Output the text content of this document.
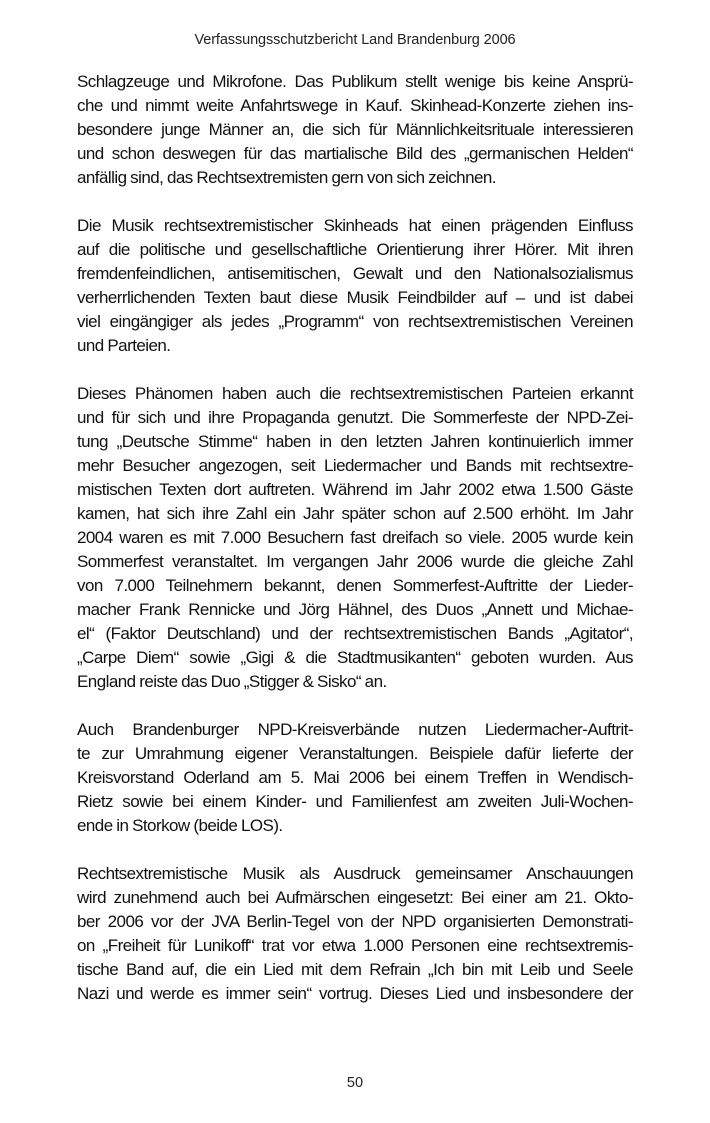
Verfassungsschutzbericht Land Brandenburg 2006

Schlagzeuge und Mikrofone. Das Publikum stellt wenige bis keine Ansprü-
che und nimmt weite Anfahrtswege in Kauf. Skinhead-Konzerte ziehen ins-
besondere junge Männer an, die sich für Männlichkeitsrituale interessieren
und schon deswegen für das martialische Bild des „germanischen Helden“
anfällig sind, das Rechtsextremisten gern von sich zeichnen.

Die Musik rechtsextremistischer Skinheads hat einen prägenden Einfluss
auf die politische und gesellschaftliche Orientierung ihrer Hörer. Mit ihren
fremdenfeindlichen, antisemitischen, Gewalt und den Nationalsozialismus
verherrlichenden Texten baut diese Musik Feindbilder auf – und ist dabei
viel eingängiger als jedes „Programm“ von rechtsextremistischen Vereinen
und Parteien.

Dieses Phänomen haben auch die rechtsextremistischen Parteien erkannt
und für sich und ihre Propaganda genutzt. Die Sommerfeste der NPD-Zei-
tung „Deutsche Stimme“ haben in den letzten Jahren kontinuierlich immer
mehr Besucher angezogen, seit Liedermacher und Bands mit rechtsextre-
mistischen Texten dort auftreten. Während im Jahr 2002 etwa 1.500 Gäste
kamen, hat sich ihre Zahl ein Jahr später schon auf 2.500 erhöht. Im Jahr
2004 waren es mit 7.000 Besuchern fast dreifach so viele. 2005 wurde kein
Sommerfest veranstaltet. Im vergangen Jahr 2006 wurde die gleiche Zahl
von 7.000 Teilnehmern bekannt, denen Sommerfest-Auftritte der Lieder-
macher Frank Rennicke und Jörg Hähnel, des Duos „Annett und Michae-
el“ (Faktor Deutschland) und der rechtsextremistischen Bands „Agitator“,
„Carpe Diem“ sowie „Gigi & die Stadtmusikanten“ geboten wurden. Aus
England reiste das Duo „Stigger & Sisko“ an.

Auch Brandenburger NPD-Kreisverbände nutzen Liedermacher-Auftrit-
te zur Umrahmung eigener Veranstaltungen. Beispiele dafür lieferte der
Kreisvorstand Oderland am 5. Mai 2006 bei einem Treffen in Wendisch-
Rietz sowie bei einem Kinder- und Familienfest am zweiten Juli-Wochen-
ende in Storkow (beide LOS).

Rechtsextremistische Musik als Ausdruck gemeinsamer Anschauungen
wird zunehmend auch bei Aufmärschen eingesetzt: Bei einer am 21. Okto-
ber 2006 vor der JVA Berlin-Tegel von der NPD organisierten Demonstrati-
on „Freiheit für Lunikoff“ trat vor etwa 1.000 Personen eine rechtsextremis-
tische Band auf, die ein Lied mit dem Refrain „Ich bin mit Leib und Seele
Nazi und werde es immer sein“ vortrug. Dieses Lied und insbesondere der

50
